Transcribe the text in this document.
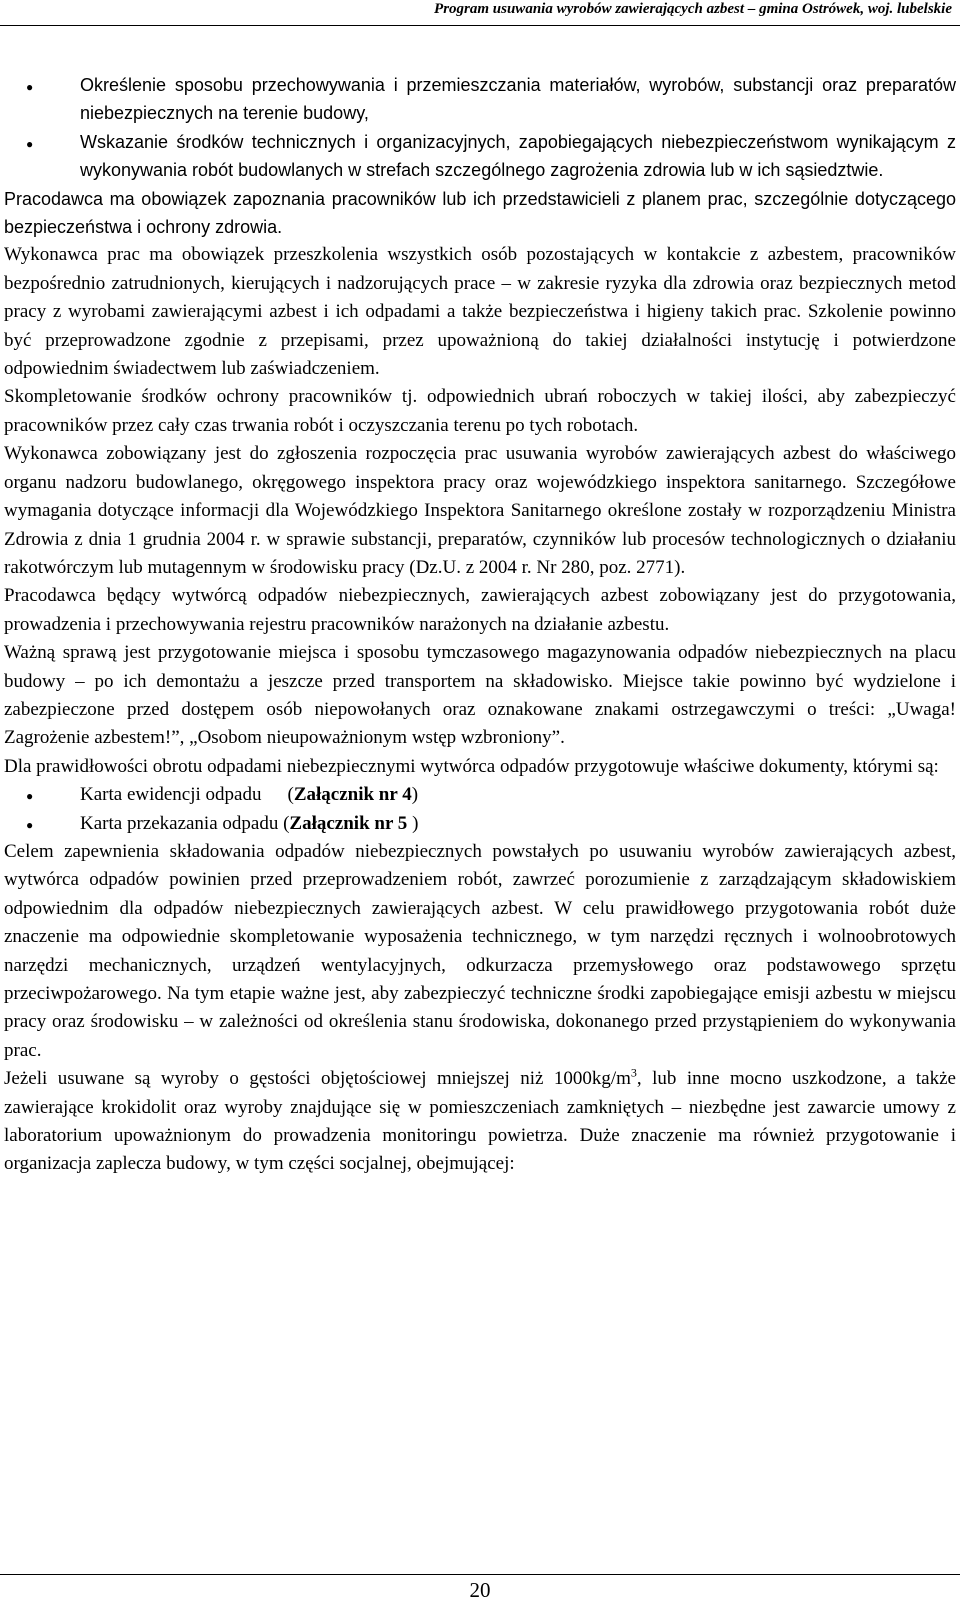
Program usuwania wyrobów zawierających azbest – gmina Ostrówek, woj. lubelskie
●
Określenie sposobu przechowywania i przemieszczania materiałów, wyrobów, substancji oraz preparatów niebezpiecznych na terenie budowy,
●
Wskazanie środków technicznych i organizacyjnych, zapobiegających niebezpieczeństwom wynikającym z wykonywania robót budowlanych w strefach szczególnego zagrożenia zdrowia lub w ich sąsiedztwie.

Pracodawca ma obowiązek zapoznania pracowników lub ich przedstawicieli z planem prac, szczególnie dotyczącego bezpieczeństwa i ochrony zdrowia.

Wykonawca prac ma obowiązek przeszkolenia wszystkich osób pozostających w kontakcie z azbestem, pracowników bezpośrednio zatrudnionych, kierujących i nadzorujących prace – w zakresie ryzyka dla zdrowia oraz bezpiecznych metod pracy z wyrobami zawierającymi azbest i ich odpadami a także bezpieczeństwa i higieny takich prac. Szkolenie powinno być przeprowadzone zgodnie z przepisami, przez upoważnioną do takiej działalności instytucję i potwierdzone odpowiednim świadectwem lub zaświadczeniem.

Skompletowanie środków ochrony pracowników tj. odpowiednich ubrań roboczych w takiej ilości, aby zabezpieczyć pracowników przez cały czas trwania robót i oczyszczania terenu po tych robotach.

Wykonawca zobowiązany jest do zgłoszenia rozpoczęcia prac usuwania wyrobów zawierających azbest do właściwego organu nadzoru budowlanego, okręgowego inspektora pracy oraz wojewódzkiego inspektora sanitarnego. Szczegółowe wymagania dotyczące informacji dla Wojewódzkiego Inspektora Sanitarnego określone zostały w rozporządzeniu Ministra Zdrowia z dnia 1 grudnia 2004 r. w sprawie substancji, preparatów, czynników lub procesów technologicznych o działaniu rakotwórczym lub mutagennym w środowisku pracy (Dz.U. z 2004 r. Nr 280, poz. 2771).

Pracodawca będący wytwórcą odpadów niebezpiecznych, zawierających azbest zobowiązany jest do przygotowania, prowadzenia i przechowywania rejestru pracowników narażonych na działanie azbestu.

Ważną sprawą jest przygotowanie miejsca i sposobu tymczasowego magazynowania odpadów niebezpiecznych na placu budowy – po ich demontażu a jeszcze przed transportem na składowisko. Miejsce takie powinno być wydzielone i zabezpieczone przed dostępem osób niepowołanych oraz oznakowane znakami ostrzegawczymi o treści: „Uwaga! Zagrożenie azbestem!”, „Osobom nieupoważnionym wstęp wzbroniony”.

Dla prawidłowości obrotu odpadami niebezpiecznymi wytwórca odpadów przygotowuje właściwe dokumenty, którymi są:

●
Karta ewidencji odpadu (Załącznik nr 4)
●
Karta przekazania odpadu (Załącznik nr 5 )

Celem zapewnienia składowania odpadów niebezpiecznych powstałych po usuwaniu wyrobów zawierających azbest, wytwórca odpadów powinien przed przeprowadzeniem robót, zawrzeć porozumienie z zarządzającym składowiskiem odpowiednim dla odpadów niebezpiecznych zawierających azbest. W celu prawidłowego przygotowania robót duże znaczenie ma odpowiednie skompletowanie wyposażenia technicznego, w tym narzędzi ręcznych i wolnoobrotowych narzędzi mechanicznych, urządzeń wentylacyjnych, odkurzacza przemysłowego oraz podstawowego sprzętu przeciwpożarowego. Na tym etapie ważne jest, aby zabezpieczyć techniczne środki zapobiegające emisji azbestu w miejscu pracy oraz środowisku – w zależności od określenia stanu środowiska, dokonanego przed przystąpieniem do wykonywania prac.

Jeżeli usuwane są wyroby o gęstości objętościowej mniejszej niż $1000kg/m^3$, lub inne mocno uszkodzone, a także zawierające krokidolit oraz wyroby znajdujące się w pomieszczeniach zamkniętych – niezbędne jest zawarcie umowy z laboratorium upoważnionym do prowadzenia monitoringu powietrza. Duże znaczenie ma również przygotowanie i organizacja zaplecza budowy, w tym części socjalnej, obejmującej:

20
